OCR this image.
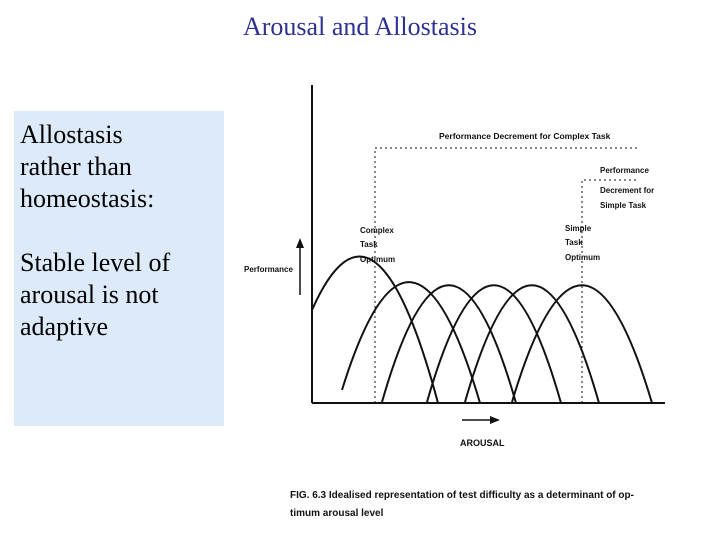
Arousal and Allostasis

Allostasis

rather than

homeostasis:

Stable level of

arousal is not

adaptive

Performance Decrement for Complex Task
Performance
Decrement for
Simple Task
Complex
Task
Optimum
Simple
Task
Optimum
Performance
AROUSAL
FIG. 6.3 Idealised representation of test difficulty as a determinant of op-
timum arousal level
